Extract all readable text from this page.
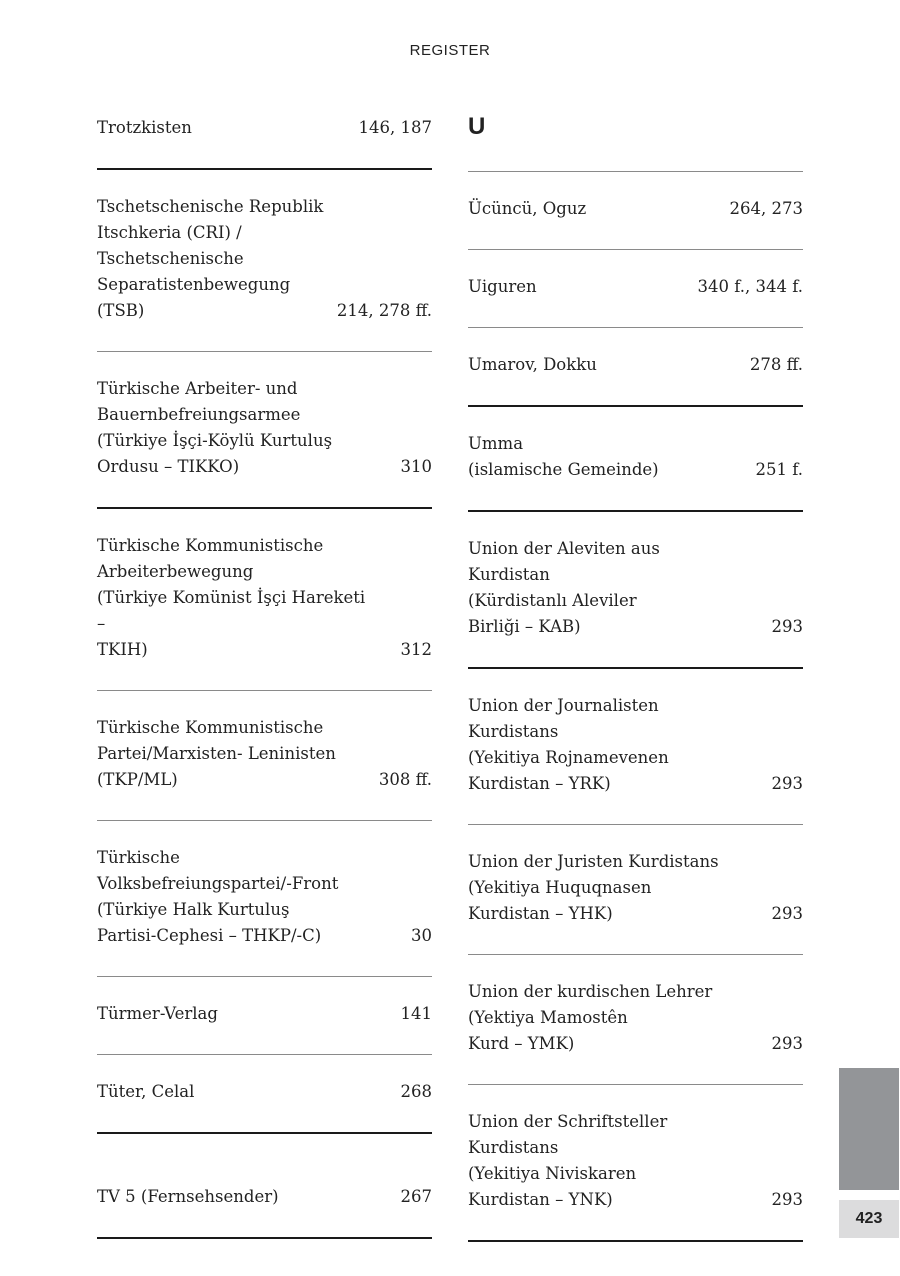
REGISTER
Trotzkisten	146, 187
Tschetschenische Republik
Itschkeria (CRI) / Tschetschenische
Separatistenbewegung (TSB)	214, 278 ff.
Türkische Arbeiter- und
Bauernbefreiungsarmee
(Türkiye İşçi-Köylü Kurtuluş
Ordusu – TIKKO)	310
Türkische Kommunistische
Arbeiterbewegung
(Türkiye Komünist İşçi Hareketi –
TKIH)	312
Türkische Kommunistische
Partei/Marxisten- Leninisten
(TKP/ML)	308 ff.
Türkische
Volksbefreiungspartei/-Front
(Türkiye Halk Kurtuluş
Partisi-Cephesi – THKP/-C)	30
Türmer-Verlag	141
Tüter, Celal	268
TV 5 (Fernsehsender)	267
U
Ücüncü, Oguz	264, 273
Uiguren	340 f., 344 f.
Umarov, Dokku	278 ff.
Umma
(islamische Gemeinde)	251 f.
Union der Aleviten aus Kurdistan
(Kürdistanlı Aleviler
Birliği – KAB)	293
Union der Journalisten Kurdistans
(Yekitiya Rojnamevenen
Kurdistan – YRK)	293
Union der Juristen Kurdistans
(Yekitiya Huquqnasen
Kurdistan – YHK)	293
Union der kurdischen Lehrer
(Yektiya Mamostên
Kurd – YMK)	293
Union der Schriftsteller Kurdistans
(Yekitiya Niviskaren
Kurdistan – YNK)	293
423
